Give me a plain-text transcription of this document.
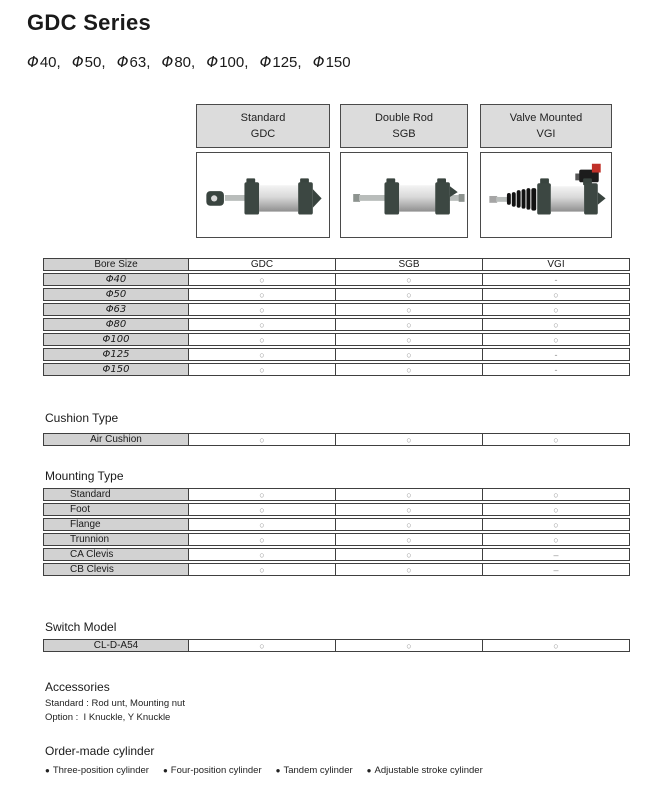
GDC Series
Φ40 , Φ50 , Φ63 , Φ80 , Φ100 , Φ125 , Φ150
Standard
GDC
Double Rod
SGB
Valve Mounted
VGI
Bore Size	GDC	SGB	VGI
Φ40	○	○	-
Φ50	○	○	○
Φ63	○	○	○
Φ80	○	○	○
Φ100	○	○	○
Φ125	○	○	-
Φ150	○	○	-
Cushion Type
Air Cushion	○	○	○
Mounting Type
Standard	○	○	○
Foot	○	○	○
Flange	○	○	○
Trunnion	○	○	○
CA Clevis	○	○	–
CB Clevis	○	○	–
Switch Model
CL-D-A54	○	○	○
Accessories
Standard : Rod unt, Mounting nut
Option :  I Knuckle, Y Knuckle
Order-made cylinder
● Three-position cylinder ● Four-position cylinder ● Tandem cylinder ● Adjustable stroke cylinder
